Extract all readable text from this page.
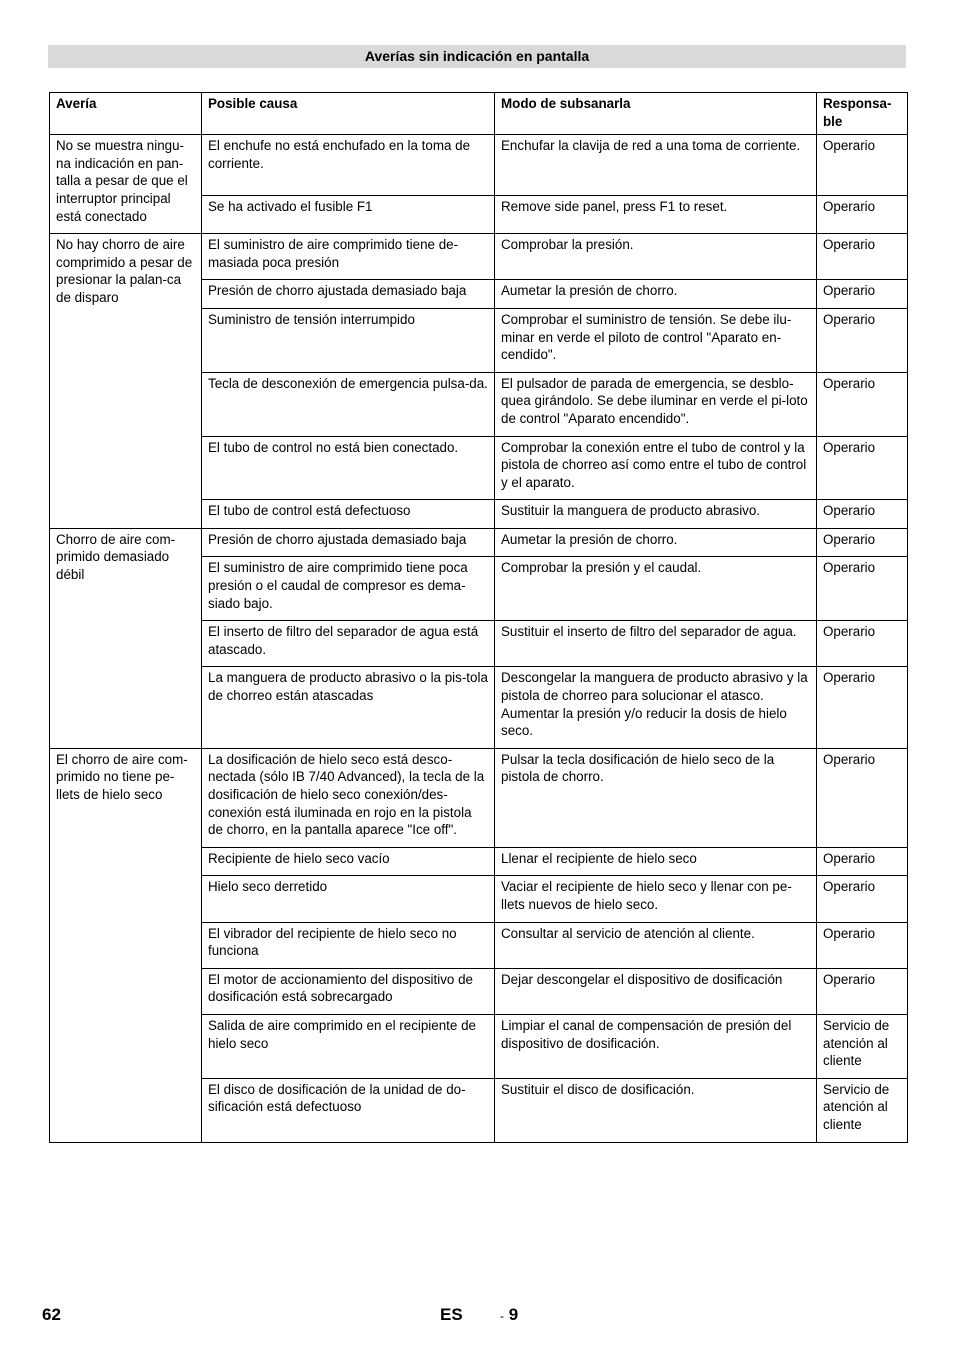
Averías sin indicación en pantalla
Avería	Posible causa	Modo de subsanarla	Responsa-ble
No se muestra ningu-na indicación en pan-talla a pesar de que el interruptor principal está conectado	El enchufe no está enchufado en la toma de corriente.	Enchufar la clavija de red a una toma de corriente.	Operario
	Se ha activado el fusible F1	Remove side panel, press F1 to reset.	Operario
No hay chorro de aire comprimido a pesar de presionar la palan-ca de disparo	El suministro de aire comprimido tiene de-masiada poca presión	Comprobar la presión.	Operario
	Presión de chorro ajustada demasiado baja	Aumetar la presión de chorro.	Operario
	Suministro de tensión interrumpido	Comprobar el suministro de tensión. Se debe ilu-minar en verde el piloto de control "Aparato en-cendido".	Operario
	Tecla de desconexión de emergencia pulsa-da.	El pulsador de parada de emergencia, se desblo-quea girándolo. Se debe iluminar en verde el pi-loto de control "Aparato encendido".	Operario
	El tubo de control no está bien conectado.	Comprobar la conexión entre el tubo de control y la pistola de chorreo así como entre el tubo de control y el aparato.	Operario
	El tubo de control está defectuoso	Sustituir la manguera de producto abrasivo.	Operario
Chorro de aire com-primido demasiado débil	Presión de chorro ajustada demasiado baja	Aumetar la presión de chorro.	Operario
	El suministro de aire comprimido tiene poca presión o el caudal de compresor es dema-siado bajo.	Comprobar la presión y el caudal.	Operario
	El inserto de filtro del separador de agua está atascado.	Sustituir el inserto de filtro del separador de agua.	Operario
	La manguera de producto abrasivo o la pis-tola de chorreo están atascadas	Descongelar la manguera de producto abrasivo y la pistola de chorreo para solucionar el atasco. Aumentar la presión y/o reducir la dosis de hielo seco.	Operario
El chorro de aire com-primido no tiene pe-llets de hielo seco	La dosificación de hielo seco está desco-nectada (sólo IB 7/40 Advanced), la tecla de la dosificación de hielo seco conexión/des-conexión está iluminada en rojo en la pistola de chorro, en la pantalla aparece "Ice off".	Pulsar la tecla dosificación de hielo seco de la pistola de chorro.	Operario
	Recipiente de hielo seco vacío	Llenar el recipiente de hielo seco	Operario
	Hielo seco derretido	Vaciar el recipiente de hielo seco y llenar con pe-llets nuevos de hielo seco.	Operario
	El vibrador del recipiente de hielo seco no funciona	Consultar al servicio de atención al cliente.	Operario
	El motor de accionamiento del dispositivo de dosificación está sobrecargado	Dejar descongelar el dispositivo de dosificación	Operario
	Salida de aire comprimido en el recipiente de hielo seco	Limpiar el canal de compensación de presión del dispositivo de dosificación.	Servicio de atención al cliente
	El disco de dosificación de la unidad de do-sificación está defectuoso	Sustituir el disco de dosificación.	Servicio de atención al cliente
62	ES	- 9
